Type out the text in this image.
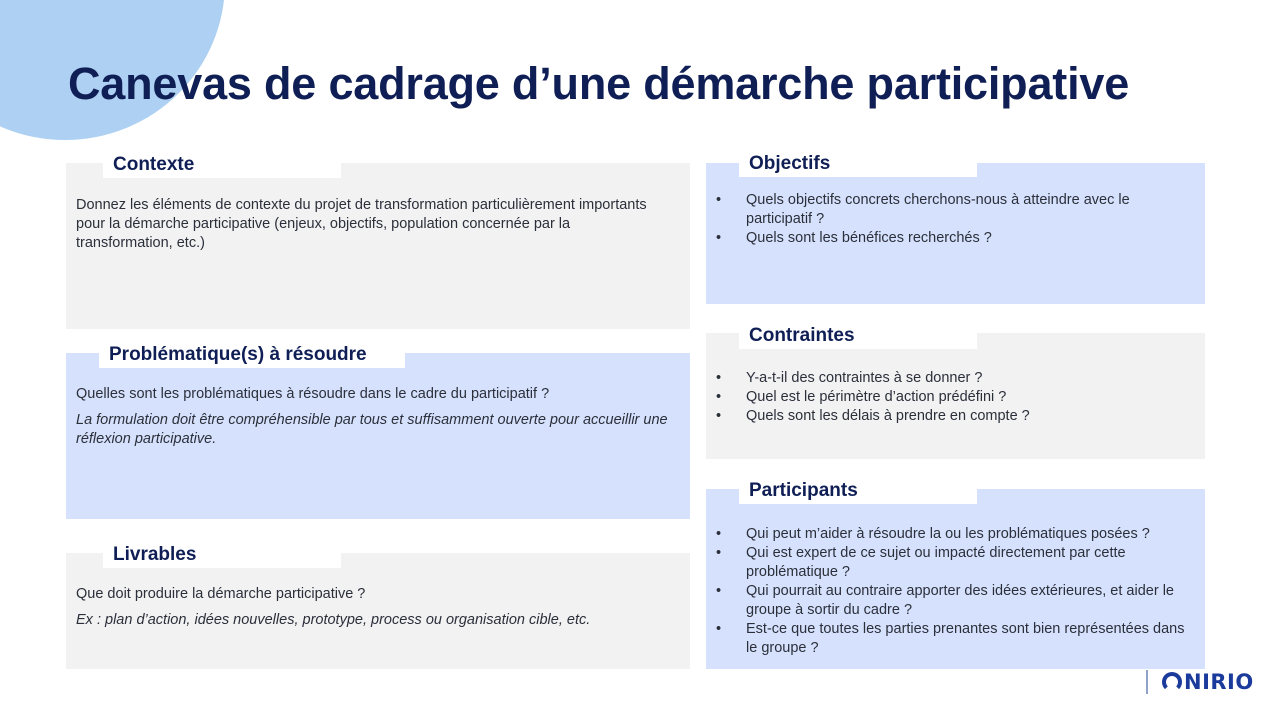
Canevas de cadrage d’une démarche participative
Contexte

Donnez les éléments de contexte du projet de transformation particulièrement importants pour la démarche participative (enjeux, objectifs, population concernée par la transformation, etc.)

Problématique(s) à résoudre

Quelles sont les problématiques à résoudre dans le cadre du participatif ?

La formulation doit être compréhensible par tous et suffisamment ouverte pour accueillir une réflexion participative.

Livrables

Que doit produire la démarche participative ?

Ex : plan d’action, idées nouvelles, prototype, process ou organisation cible, etc.

Objectifs
• Quels objectifs concrets cherchons-nous à atteindre avec le participatif ?
• Quels sont les bénéfices recherchés ?
Contraintes
• Y-a-t-il des contraintes à se donner ?
• Quel est le périmètre d’action prédéfini ?
• Quels sont les délais à prendre en compte ?
Participants
• Qui peut m’aider à résoudre la ou les problématiques posées ?
• Qui est expert de ce sujet ou impacté directement par cette problématique ?
• Qui pourrait au contraire apporter des idées extérieures, et aider le groupe à sortir du cadre ?
• Est-ce que toutes les parties prenantes sont bien représentées dans le groupe ?
NIRIO
